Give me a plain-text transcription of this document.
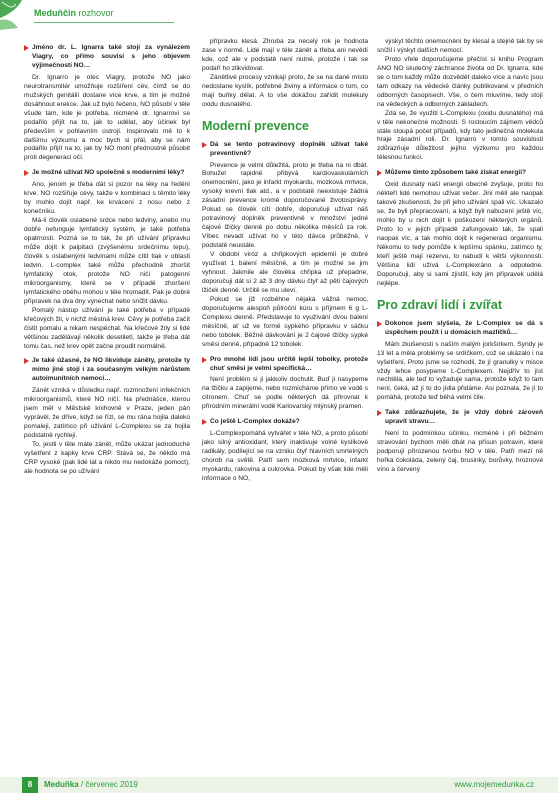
Meduňčin rozhovor
Jméno dr. L. Ignarra také stojí za vynálezem Viagry, co přímo souvisí s jeho objevem výjimečnosti NO…

Dr. Ignarro je otec Viagry, protože NO jako neurotransmitér umožňuje rozšíření cév, čímž se do mužských genitálií dostane více krve, a tím je možné dosáhnout erekce. Jak už bylo řečeno, NO působí v těle všude tam, kde je potřeba, nicméně dr. Ignarrovi se podařilo přijít na to, jak to udělat, aby účinek byl především v pohlavním ústrojí. Inspirovalo mě to k dalšímu výzkumu a moc bych si přál, aby se nám podařilo přijít na to, jak by NO mohl přednostně působit proti degeneraci očí.

Je možné užívat NO společně s moderními léky?

Ano, jenom je třeba dát si pozor na léky na ředění krve. NO rozšiřuje cévy, takže v kombinaci s těmito léky by mohlo dojít např. ke krvácení z nosu nebo z konečníku.

Má-li člověk oslabené srdce nebo ledviny, anebo mu dobře nefunguje lymfatický systém, je také potřeba opatrnosti. Pozná se to tak, že při užívání přípravku může dojít k palpitaci (zvýšenému srdečnímu tepu), člověk s oslabenými ledvinami může cítit tlak v oblasti ledvin. L-complex také může přechodně zhoršit lymfatický otok, protože NO ničí patogenní mikroorganismy, které se v případě zhoršení lymfatického oběhu mohou v těle hromadit. Pak je dobré přípravek na dva dny vynechat nebo snížit dávku.

Pomalý nástup užívání je také potřeba v případě křečových žil, v nichž městná krev. Cévy je potřeba začít čistit pomalu a nikam nespěchat. Na křečové žíly si lidé většinou zadělávají několik desetiletí, takže je třeba dát tomu čas, než krev opět začne proudit normálně.

Je také úžasné, že NO likviduje záněty, protože ty mimo jiné stojí i za současným velkým nárůstem autoimunitních nemocí…

Zánět vzniká v důsledku např. rozmnožení infekčních mikroorganismů, které NO ničí. Na přednášce, kterou jsem měl v Městské knihovně v Praze, jeden pán vyprávěl, že dříve, když se řízl, se mu rána hojila daleko pomaleji, zatímco při užívání L-Complexu se za hojila podstatně rychleji.

To, jestli v těle máte zánět, může ukázat jednoduché vyšetření z kapky krve CRP. Stává se, že někdo má CRP vysoké (pak lidé lat a nikdo mu nedokáže pomoct), ale hodnota se po užívání

přípravku klesá. Zhruba za necelý rok je hodnota zase v normě. Lidé mají v těle zánět a třeba ani nevědí kde, což ale v podstatě není nutné, protože i tak se podaří ho zlikvidovat.

Zánětlivé procesy vznikají proto, že se na dané místo nedostane kyslík, potřebné živiny a informace o tom, co mají buňky dělat. A to vše dokážou zařídit molekuly oxidu dusnatého.

Moderní prevence
Dá se tento potravinový doplněk užívat také preventivně?

Prevence je velmi důležitá, proto je třeba na ni dbát. Bohužel rapidně přibývá kardiovaskulárních onemocnění, jako je infarkt myokardu, mozková mrtvice, vysoký krevní tlak atd., a v podstatě neexistuje žádná zásadní prevence kromě doporučované životosprávy. Pokud se člověk cítí dobře, doporučuji užívat náš potravinový doplněk preventivně v množství jedné čajové lžičky denně po dobu několika měsíců za rok. Víbec nevadí užívat ho v této dávce průběžně, v podstatě neustále.

V období viróz a chřipkových epidemií je dobré využívat 1 balení měsíčně, a tím je možné se jim vyhnout. Jakmile ale člověka chřipka už přepadne, doporučuji dát si 2 až 3 dny dávku čtyř až pěti čajových lžiček denně. Určitě se mu uleví.

Pokud se již rozběhne nějaká vážná nemoc, doporučujeme alespoň půlroční kúru s příjmem 6 g L-Complexu denně. Představuje to využívání dvou balení měsíčně, ať už ve formě sypkého přípravku v sáčku nebo tobolek. Běžné dávkování je 2 čajové lžičky sypké směsi denně, případně 12 tobolek.

Pro mnohé lidi jsou určitě lepší tobolky, protože chuť směsi je velmi specifická…

Není problém si ji jakkoliv dochutit. Buď ji nasypeme na lžičku a zapijeme, nebo rozmícháme přímo ve vodě s citronem. Chuť se podle některých dá přirovnat k přírodním minerální vodě Karlovarský mlýnský pramen.

Co ještě L-Complex dokáže?

L-Complexpomáhá vytvářet v těle NO, a proto působí jako silný antioxidant, který inaktivuje volné kyslíkové radikály, podílející se na vzniku čtyř hlavních smrtelných chorob na světě. Patří sem mozková mrtvice, infarkt myokardu, rakovina a cukrovka. Pokud by však lidé měli informace o NO,

výskyt těchto onemocnění by klesal a stejně tak by se snížil i výskyt dalších nemocí.

Proto vřele doporučujeme přečíst si knihu Program ANO NO skutečný záchrance života od Dr. Ignarra, kde se o tom každý může dozvědět daleko více a navíc jsou tam odkazy na vědecké články publikované v předních odborných časopisech. Vše, o čem mluvíme, tedy stojí na vědeckých a odborných základech.

Zdá se, že využití L-Complexu (oxidu dusnatého) má v těle nekonečné možnosti. S rostoucím zájmem vědců stále stoupá počet případů, kdy tato jedinečná molekula hraje zásadní roli. Dr. Ignarro v tomto souvislosti zdůrazňuje důležitost jejího výzkumu pro každou tělesnou funkci.

Můžeme tímto způsobem také získat energii?

Oxid dusnatý naší energii obecně zvyšuje, proto ho někteří lidé nemohou užívat večer. Jiní mělí ale naopak takové zkušenosti, že při jeho užívání spali víc. Ukazalo se, že byli přepracovaní, a když byli nabuzení ještě víc, mohlo by u nich dojít k poškození některých orgánů. Proto to v jejich případě zafungovalo tak, že spali naopak víc, a tak mohlo dojít k regeneraci organismu. Někomu to tedy pomůže k lepšímu spánku, zatímco ty, kteří ještě mají rezervu, to nabudí k větší výkonnosti. Většina lidí užívá L-Complexráno a odpoledne. Doporučuji, aby si sami zjistili, kdy jim přípravek udělá nejlépe.

Pro zdraví lidí i zvířat
Dokonce jsem slyšela, že L-Complex se dá s úspěchem použít i u domácích mazlíčků…

Mám zkušenosti s naším malým jorkšírkem. Syndy je 13 let a měla problémy se srdíčkem, což se ukázalo i na vyšetření. Proto jsme se rozhodli, že jí granulky v misce vždy lehce posypeme L-Complexem. Nejdřív to jíst nechtěla, ale teď to vyžaduje sama, protože když to tam není, čeká, až jí to do jídla přidáme. Asi poznala, že jí to pomáhá, protože teď běhá velmi čile.

Také zdůrazňujete, že je vždy dobré zároveň upravit stravu…

Není to podmínkou účinku, nicméně i při běžném stravování bychom měli dbát na přísun potravin, které podporují přirozenou tvorbu NO v těle. Patří mezi ně hořká čokoláda, zelený čaj, brusinky, borůvky, hroznové víno a červený

8	Meduňka / červenec 2019	www.mojemedunka.cz
